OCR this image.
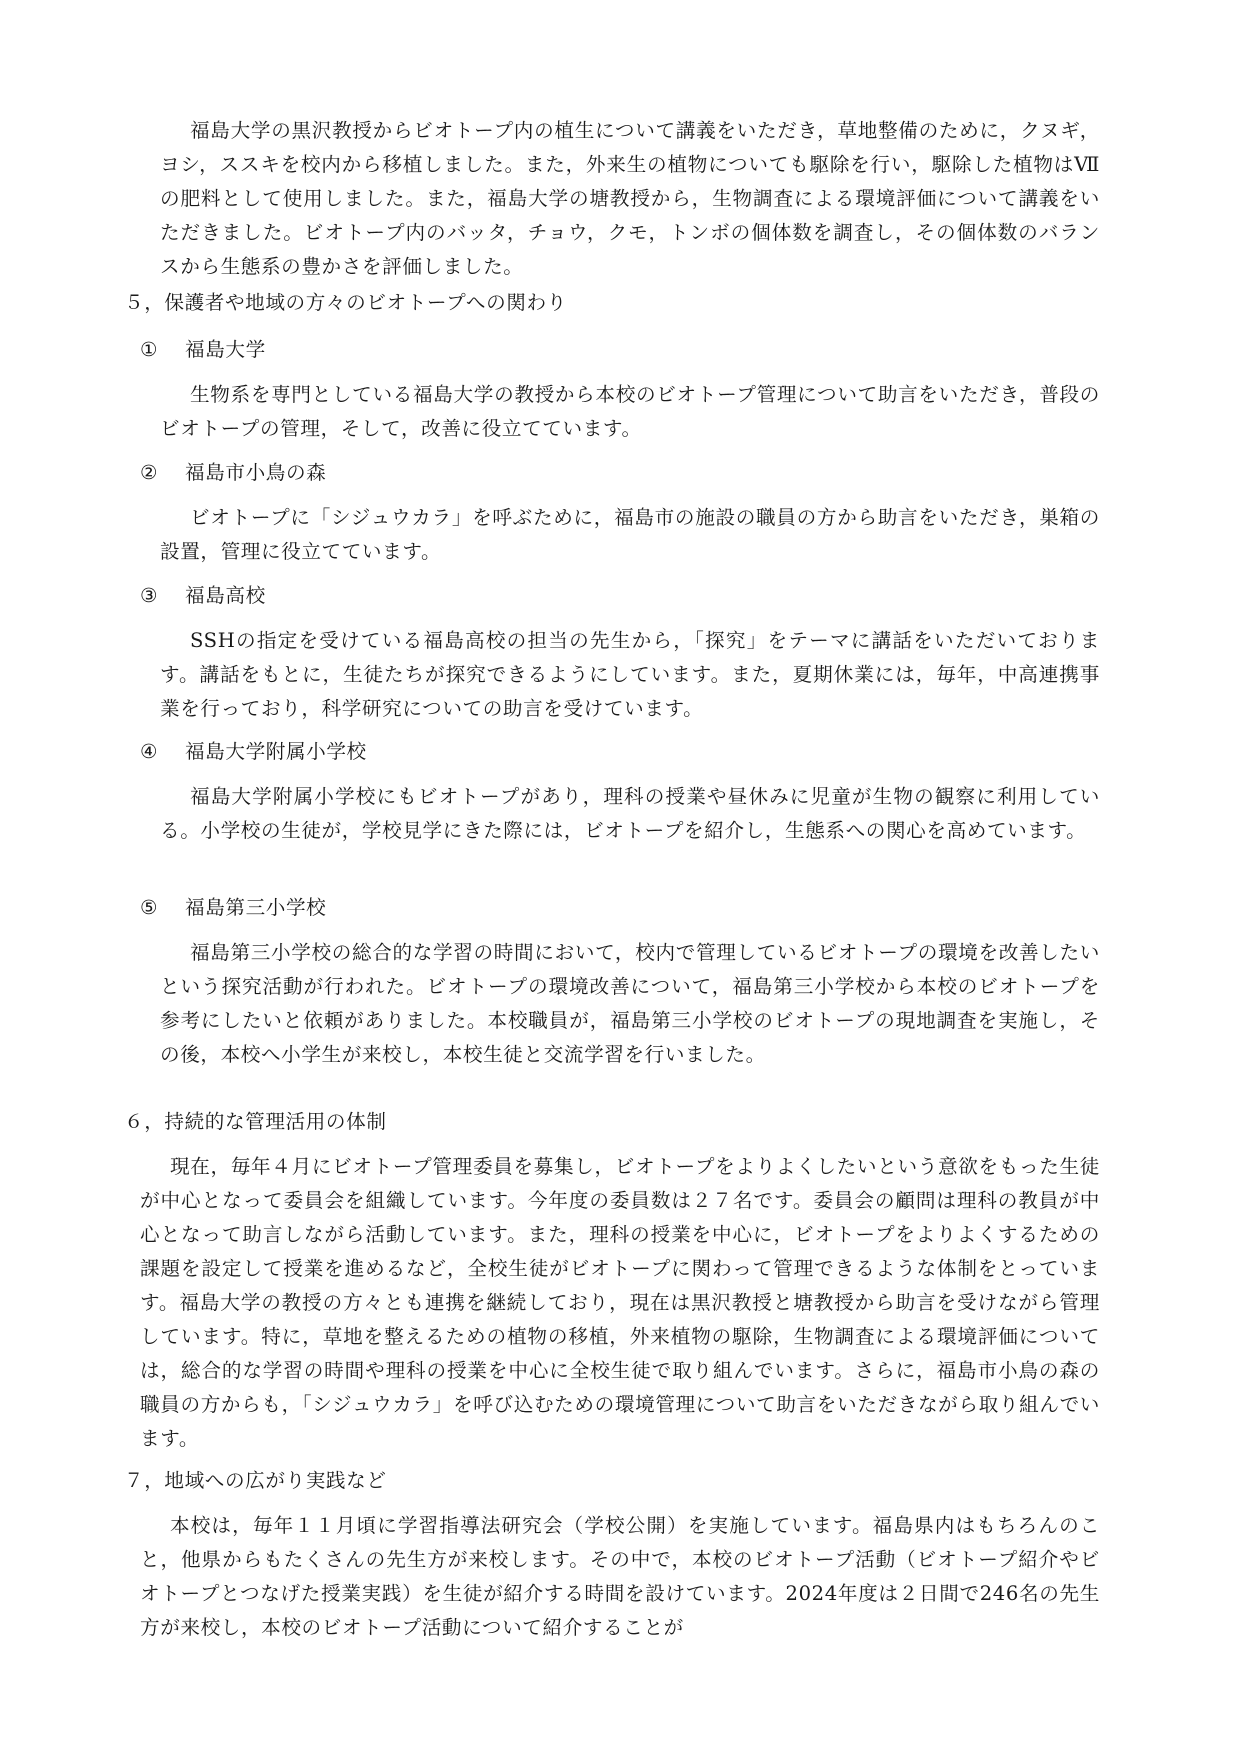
福島大学の黒沢教授からビオトープ内の植生について講義をいただき，草地整備のために，クヌギ，ヨシ，ススキを校内から移植しました。また，外来生の植物についても駆除を行い，駆除した植物はⅦの肥料として使用しました。また，福島大学の塘教授から，生物調査による環境評価について講義をいただきました。ビオトープ内のバッタ，チョウ，クモ，トンボの個体数を調査し，その個体数のバランスから生態系の豊かさを評価しました。

５，保護者や地域の方々のビオトープへの関わり
① 福島大学

生物系を専門としている福島大学の教授から本校のビオトープ管理について助言をいただき，普段のビオトープの管理，そして，改善に役立てています。

② 福島市小鳥の森

ビオトープに「シジュウカラ」を呼ぶために，福島市の施設の職員の方から助言をいただき，巣箱の設置，管理に役立てています。

③ 福島高校

SSHの指定を受けている福島高校の担当の先生から，「探究」をテーマに講話をいただいております。講話をもとに，生徒たちが探究できるようにしています。また，夏期休業には，毎年，中高連携事業を行っており，科学研究についての助言を受けています。

④ 福島大学附属小学校

福島大学附属小学校にもビオトープがあり，理科の授業や昼休みに児童が生物の観察に利用している。小学校の生徒が，学校見学にきた際には，ビオトープを紹介し，生態系への関心を高めています。

⑤ 福島第三小学校

福島第三小学校の総合的な学習の時間において，校内で管理しているビオトープの環境を改善したいという探究活動が行われた。ビオトープの環境改善について，福島第三小学校から本校のビオトープを参考にしたいと依頼がありました。本校職員が，福島第三小学校のビオトープの現地調査を実施し，その後，本校へ小学生が来校し，本校生徒と交流学習を行いました。

６，持続的な管理活用の体制

現在，毎年４月にビオトープ管理委員を募集し，ビオトープをよりよくしたいという意欲をもった生徒が中心となって委員会を組織しています。今年度の委員数は２７名です。委員会の顧問は理科の教員が中心となって助言しながら活動しています。また，理科の授業を中心に，ビオトープをよりよくするための課題を設定して授業を進めるなど，全校生徒がビオトープに関わって管理できるような体制をとっています。福島大学の教授の方々とも連携を継続しており，現在は黒沢教授と塘教授から助言を受けながら管理しています。特に，草地を整えるための植物の移植，外来植物の駆除，生物調査による環境評価については，総合的な学習の時間や理科の授業を中心に全校生徒で取り組んでいます。さらに，福島市小鳥の森の職員の方からも，「シジュウカラ」を呼び込むための環境管理について助言をいただきながら取り組んでいます。

７，地域への広がり実践など

本校は，毎年１１月頃に学習指導法研究会（学校公開）を実施しています。福島県内はもちろんのこと，他県からもたくさんの先生方が来校します。その中で，本校のビオトープ活動（ビオトープ紹介やビオトープとつなげた授業実践）を生徒が紹介する時間を設けています。2024年度は２日間で246名の先生方が来校し，本校のビオトープ活動について紹介することが
